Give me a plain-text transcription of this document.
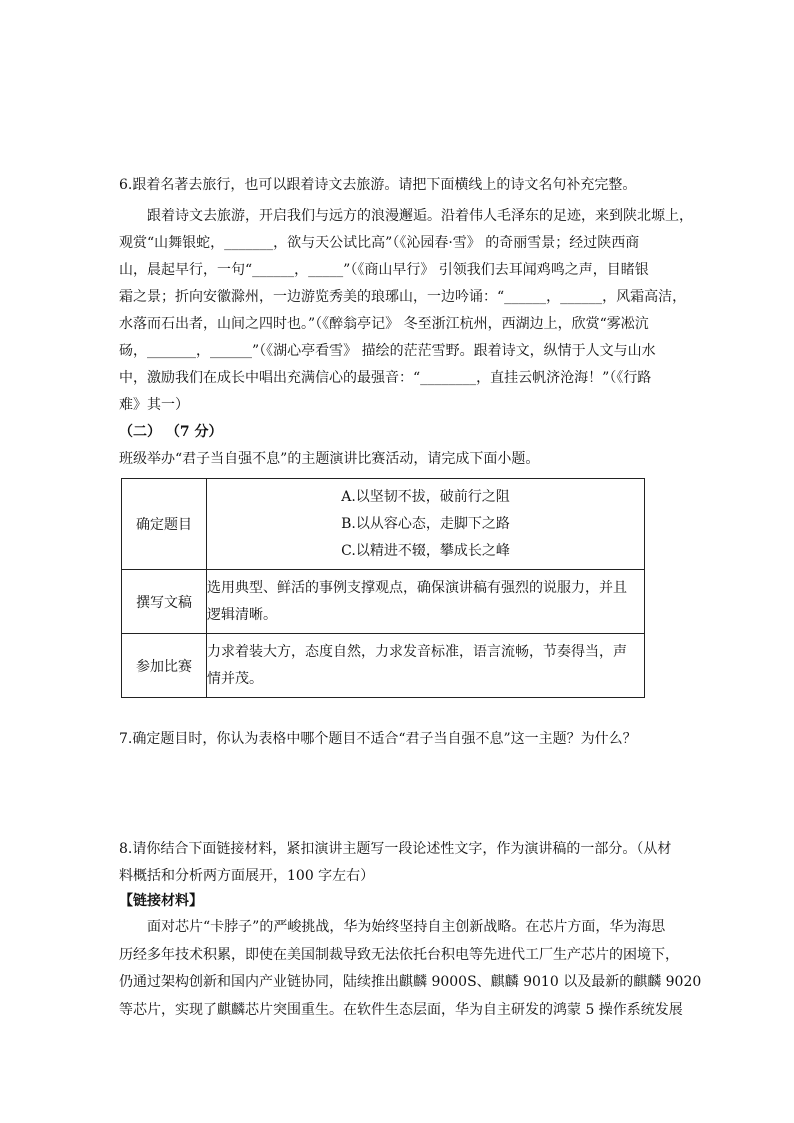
6.跟着名著去旅行，也可以跟着诗文去旅游。请把下面横线上的诗文名句补充完整。
跟着诗文去旅游，开启我们与远方的浪漫邂逅。沿着伟人毛泽东的足迹，来到陕北塬上，
观赏“山舞银蛇，_______，欲与天公试比高”（《沁园春·雪》 的奇丽雪景；经过陕西商
山，晨起早行，一句“______，_____”（《商山早行》 引领我们去耳闻鸡鸣之声，目睹银
霜之景；折向安徽滁州，一边游览秀美的琅琊山，一边吟诵：“______，______，风霜高洁，
水落而石出者，山间之四时也。”（《醉翁亭记》 冬至浙江杭州，西湖边上，欣赏“雾凇沆
砀，_______，______”（《湖心亭看雪》 描绘的茫茫雪野。跟着诗文，纵情于人文与山水
中，激励我们在成长中唱出充满信心的最强音：“________，直挂云帆济沧海！”（《行路
难》其一）
（二） （7 分）
班级举办“君子当自强不息”的主题演讲比赛活动，请完成下面小题。
确定题目	A.以坚韧不拔，破前行之阻
B.以从容心态，走脚下之路
C.以精进不辍，攀成长之峰

撰写文稿	选用典型、鲜活的事例支撑观点，确保演讲稿有强烈的说服力，并且
逻辑清晰。

参加比赛	力求着装大方，态度自然，力求发音标准，语言流畅，节奏得当，声
情并茂。
7.确定题目时，你认为表格中哪个题目不适合“君子当自强不息”这一主题？为什么？
8.请你结合下面链接材料，紧扣演讲主题写一段论述性文字，作为演讲稿的一部分。（从材
料概括和分析两方面展开，100 字左右）
【链接材料】
面对芯片“卡脖子”的严峻挑战，华为始终坚持自主创新战略。在芯片方面，华为海思
历经多年技术积累，即使在美国制裁导致无法依托台积电等先进代工厂生产芯片的困境下，
仍通过架构创新和国内产业链协同，陆续推出麒麟 9000S、麒麟 9010 以及最新的麒麟 9020
等芯片，实现了麒麟芯片突围重生。在软件生态层面，华为自主研发的鸿蒙 5 操作系统发展
